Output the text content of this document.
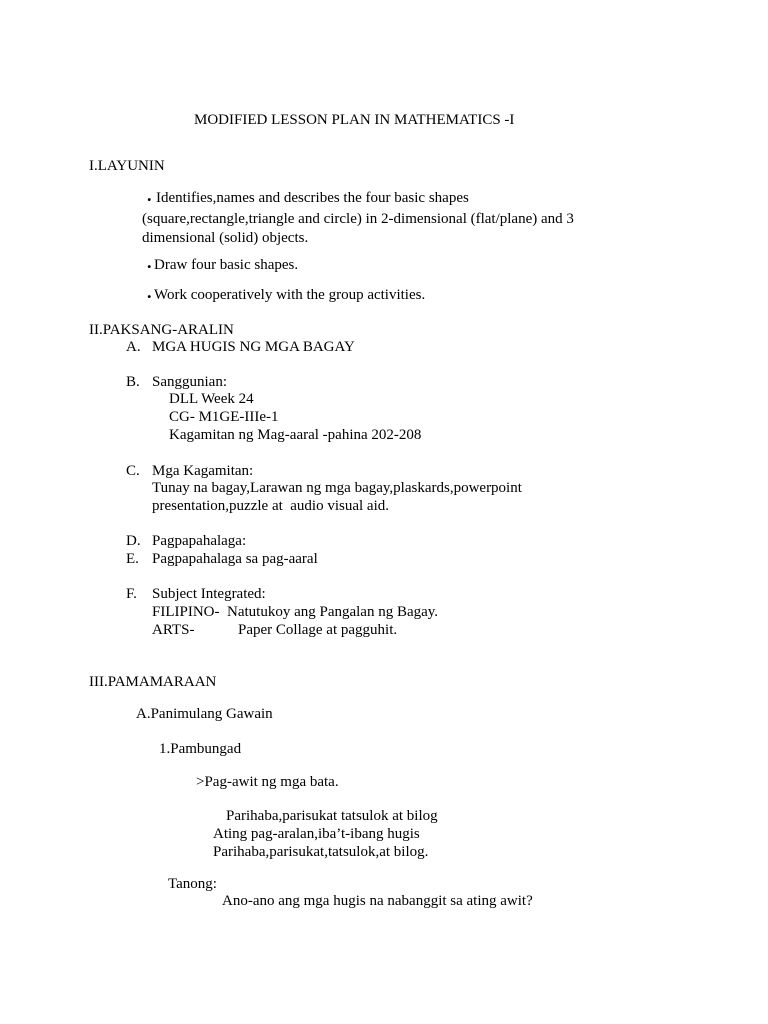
MODIFIED LESSON PLAN IN MATHEMATICS -I
I.LAYUNIN
. Identifies,names and describes the four basic shapes
(square,rectangle,triangle and circle) in 2-dimensional (flat/plane) and 3
dimensional (solid) objects.
. Draw four basic shapes.
. Work cooperatively with the group activities.
II.PAKSANG-ARALIN
A. MGA HUGIS NG MGA BAGAY
B. Sanggunian:
DLL Week 24
CG- M1GE-IIIe-1
Kagamitan ng Mag-aaral -pahina 202-208
C. Mga Kagamitan:
Tunay na bagay,Larawan ng mga bagay,plaskards,powerpoint
presentation,puzzle at  audio visual aid.
D. Pagpapahalaga:
E. Pagpapahalaga sa pag-aaral
F. Subject Integrated:
FILIPINO-  Natutukoy ang Pangalan ng Bagay.
ARTS-	Paper Collage at pagguhit.
III.PAMAMARAAN
A.Panimulang Gawain
1.Pambungad
>Pag-awit ng mga bata.
Parihaba,parisukat tatsulok at bilog
Ating pag-aralan,iba’t-ibang hugis
Parihaba,parisukat,tatsulok,at bilog.
Tanong:
Ano-ano ang mga hugis na nabanggit sa ating awit?
